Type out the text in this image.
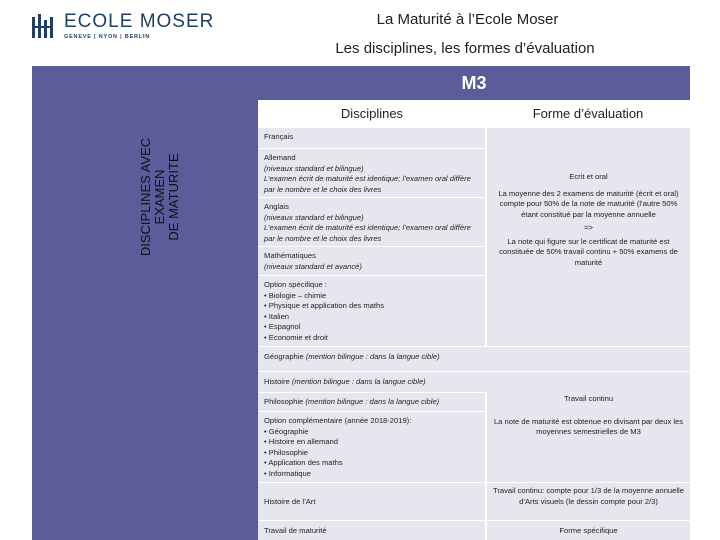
ECOLE MOSER
GENEVE | NYON | BERLIN
La Maturité à l’Ecole Moser
Les disciplines, les formes d’évaluation
DISCIPLINES AVEC EXAMEN DE MATURITE
M3
Disciplines	Forme d’évaluation
Français
Allemand
(niveaux standard et bilingue)
L’examen écrit de maturité est identique; l’examen oral diffère par le nombre et le choix des livres
Anglais
(niveaux standard et bilingue)
L’examen écrit de maturité est identique; l’examen oral diffère par le nombre et le choix des livres
Mathématiques
(niveaux standard et avancé)
Option spécifique :
• Biologie – chimie
• Physique et application des maths
• Italien
• Espagnol
• Economie et droit
Géographie (mention bilingue : dans la langue cible)
Histoire (mention bilingue : dans la langue cible)
Philosophie (mention bilingue : dans la langue cible)
Option complémentaire (année 2018-2019):
• Géographie
• Histoire en allemand
• Philosophie
• Application des maths
• Informatique
Histoire de l’Art
Travail de maturité
Ecrit et oral
La moyenne des 2 examens de maturité (écrit et oral) compte pour 50% de la note de maturité (l’autre 50% étant constitué par la moyenne annuelle
=>
La note qui figure sur le certificat de maturité est constituée de 50% travail continu + 50% examens de maturité
Travail continu
La note de maturité est obtenue en divisant par deux les moyennes semestrielles de M3
Travail continu: compte pour 1/3 de la moyenne annuelle d’Arts visuels (le dessin compte pour 2/3)
Forme spécifique
